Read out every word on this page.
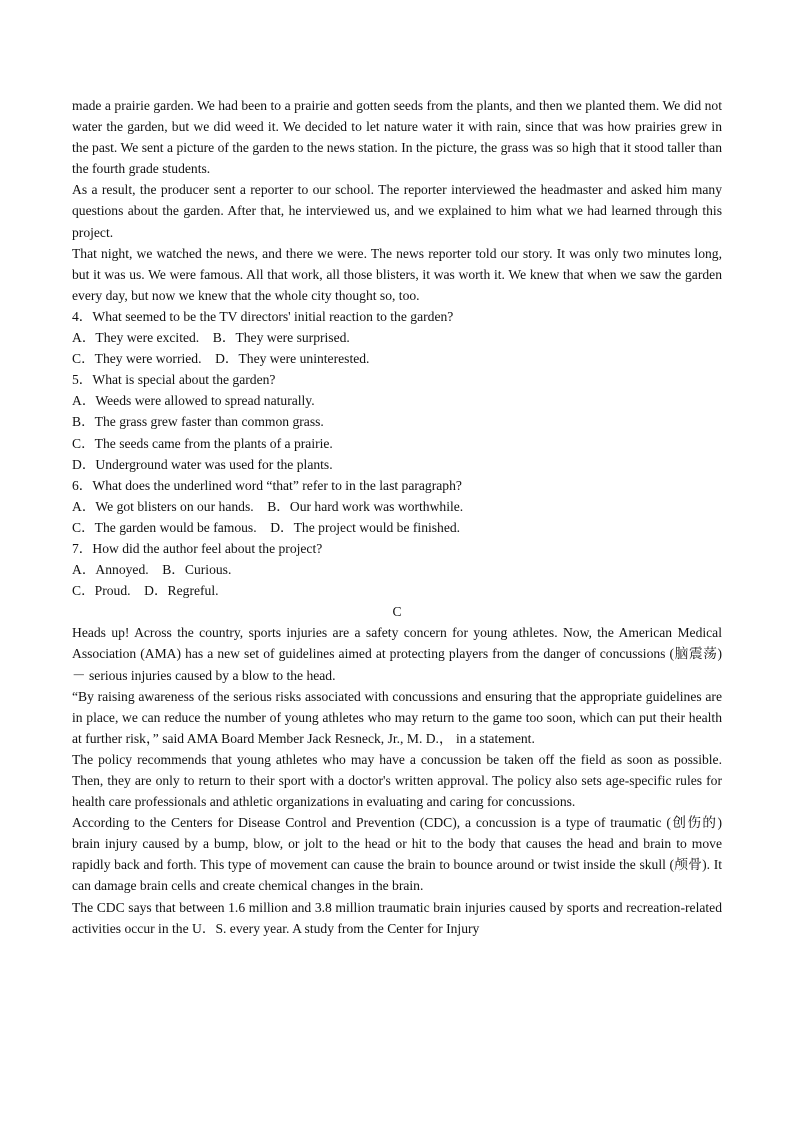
made a prairie garden. We had been to a prairie and gotten seeds from the plants, and then we planted them. We did not water the garden, but we did weed it. We decided to let nature water it with rain, since that was how prairies grew in the past. We sent a picture of the garden to the news station. In the picture, the grass was so high that it stood taller than the fourth grade students.

As a result, the producer sent a reporter to our school. The reporter interviewed the headmaster and asked him many questions about the garden. After that, he interviewed us, and we explained to him what we had learned through this project.

That night, we watched the news, and there we were. The news reporter told our story. It was only two minutes long, but it was us. We were famous. All that work, all those blisters, it was worth it. We knew that when we saw the garden every day, but now we knew that the whole city thought so, too.

4．What seemed to be the TV directors' initial reaction to the garden?

A．They were excited.    B．They were surprised.

C．They were worried.    D．They were uninterested.

5．What is special about the garden?

A．Weeds were allowed to spread naturally.

B．The grass grew faster than common grass.

C．The seeds came from the plants of a prairie.

D．Underground water was used for the plants.

6．What does the underlined word “that” refer to in the last paragraph?

A．We got blisters on our hands.    B．Our hard work was worthwhile.

C．The garden would be famous.    D．The project would be finished.

7．How did the author feel about the project?

A．Annoyed.    B．Curious.

C．Proud.    D．Regreful.

C

Heads up! Across the country, sports injuries are a safety concern for young athletes. Now, the American Medical Association (AMA) has a new set of guidelines aimed at protecting players from the danger of concussions (脑震荡) － serious injuries caused by a blow to the head.

“By raising awareness of the serious risks associated with concussions and ensuring that the appropriate guidelines are in place, we can reduce the number of young athletes who may return to the game too soon, which can put their health at further risk，” said AMA Board Member Jack Resneck, Jr., M. D.， in a statement.

The policy recommends that young athletes who may have a concussion be taken off the field as soon as possible. Then, they are only to return to their sport with a doctor's written approval. The policy also sets age-specific rules for health care professionals and athletic organizations in evaluating and caring for concussions.

According to the Centers for Disease Control and Prevention (CDC), a concussion is a type of traumatic (创伤的) brain injury caused by a bump, blow, or jolt to the head or hit to the body that causes the head and brain to move rapidly back and forth. This type of movement can cause the brain to bounce around or twist inside the skull (颅骨). It can damage brain cells and create chemical changes in the brain.

The CDC says that between 1.6 million and 3.8 million traumatic brain injuries caused by sports and recreation-related activities occur in the U．S. every year. A study from the Center for Injury
